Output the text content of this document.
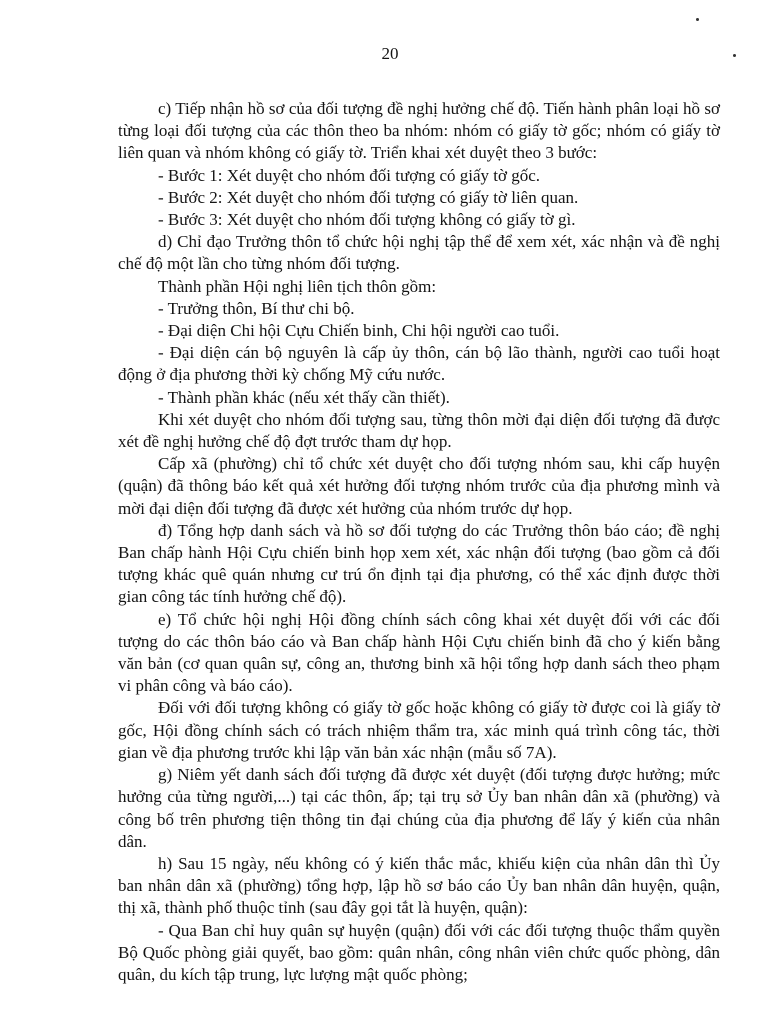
20

c) Tiếp nhận hồ sơ của đối tượng đề nghị hưởng chế độ. Tiến hành phân loại hồ sơ từng loại đối tượng của các thôn theo ba nhóm: nhóm có giấy tờ gốc; nhóm có giấy tờ liên quan và nhóm không có giấy tờ. Triển khai xét duyệt theo 3 bước:

- Bước 1: Xét duyệt cho nhóm đối tượng có giấy tờ gốc.

- Bước 2: Xét duyệt cho nhóm đối tượng có giấy tờ liên quan.

- Bước 3: Xét duyệt cho nhóm đối tượng không có giấy tờ gì.

d) Chỉ đạo Trưởng thôn tổ chức hội nghị tập thể để xem xét, xác nhận và đề nghị chế độ một lần cho từng nhóm đối tượng.

Thành phần Hội nghị liên tịch thôn gồm:

- Trưởng thôn, Bí thư chi bộ.

- Đại diện Chi hội Cựu Chiến binh, Chi hội người cao tuổi.

- Đại diện cán bộ nguyên là cấp ủy thôn, cán bộ lão thành, người cao tuổi hoạt động ở địa phương thời kỳ chống Mỹ cứu nước.

- Thành phần khác (nếu xét thấy cần thiết).

Khi xét duyệt cho nhóm đối tượng sau, từng thôn mời đại diện đối tượng đã được xét đề nghị hưởng chế độ đợt trước tham dự họp.

Cấp xã (phường) chỉ tổ chức xét duyệt cho đối tượng nhóm sau, khi cấp huyện (quận) đã thông báo kết quả xét hưởng đối tượng nhóm trước của địa phương mình và mời đại diện đối tượng đã được xét hưởng của nhóm trước dự họp.

đ) Tổng hợp danh sách và hồ sơ đối tượng do các Trưởng thôn báo cáo; đề nghị Ban chấp hành Hội Cựu chiến binh họp xem xét, xác nhận đối tượng (bao gồm cả đối tượng khác quê quán nhưng cư trú ổn định tại địa phương, có thể xác định được thời gian công tác tính hưởng chế độ).

e) Tổ chức hội nghị Hội đồng chính sách công khai xét duyệt đối với các đối tượng do các thôn báo cáo và Ban chấp hành Hội Cựu chiến binh đã cho ý kiến bằng văn bản (cơ quan quân sự, công an, thương binh xã hội tổng hợp danh sách theo phạm vi phân công và báo cáo).

Đối với đối tượng không có giấy tờ gốc hoặc không có giấy tờ được coi là giấy tờ gốc, Hội đồng chính sách có trách nhiệm thẩm tra, xác minh quá trình công tác, thời gian về địa phương trước khi lập văn bản xác nhận (mẫu số 7A).

g) Niêm yết danh sách đối tượng đã được xét duyệt (đối tượng được hưởng; mức hưởng của từng người,...) tại các thôn, ấp; tại trụ sở Ủy ban nhân dân xã (phường) và công bố trên phương tiện thông tin đại chúng của địa phương để lấy ý kiến của nhân dân.

h) Sau 15 ngày, nếu không có ý kiến thắc mắc, khiếu kiện của nhân dân thì Ủy ban nhân dân xã (phường) tổng hợp, lập hồ sơ báo cáo Ủy ban nhân dân huyện, quận, thị xã, thành phố thuộc tỉnh (sau đây gọi tắt là huyện, quận):

- Qua Ban chỉ huy quân sự huyện (quận) đối với các đối tượng thuộc thẩm quyền Bộ Quốc phòng giải quyết, bao gồm: quân nhân, công nhân viên chức quốc phòng, dân quân, du kích tập trung, lực lượng mật quốc phòng;
